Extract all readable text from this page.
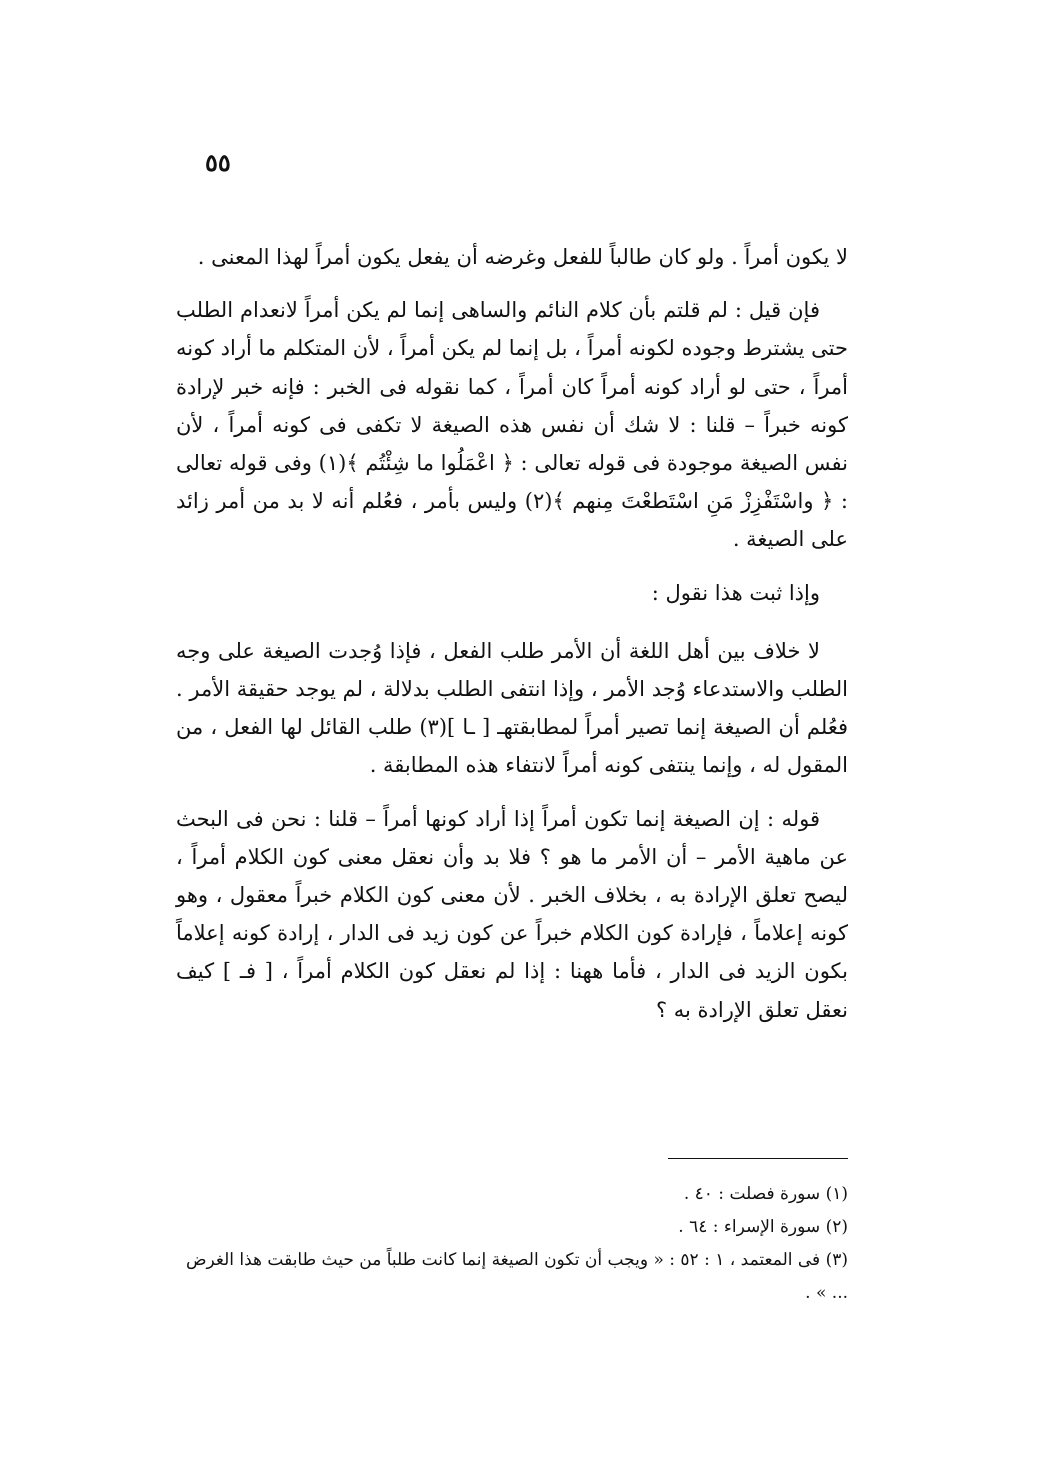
٥٥

لا يكون أمراً . ولو كان طالباً للفعل وغرضه أن يفعل يكون أمراً لهذا المعنى .

فإن قيل : لم قلتم بأن كلام النائم والساهى إنما لم يكن أمراً لانعدام الطلب حتى يشترط وجوده لكونه أمراً ، بل إنما لم يكن أمراً ، لأن المتكلم ما أراد كونه أمراً ، حتى لو أراد كونه أمراً كان أمراً ، كما نقوله فى الخبر : فإنه خبر لإرادة كونه خبراً – قلنا : لا شك أن نفس هذه الصيغة لا تكفى فى كونه أمراً ، لأن نفس الصيغة موجودة فى قوله تعالى : ﴿ اعْمَلُوا ما شِئْتُم ﴾(١) وفى قوله تعالى : ﴿ واسْتَفْزِزْ مَنِ اسْتَطعْتَ مِنهم ﴾(٢) وليس بأمر ، فعُلم أنه لا بد من أمر زائد على الصيغة .

وإذا ثبت هذا نقول :

لا خلاف بين أهل اللغة أن الأمر طلب الفعل ، فإذا وُجدت الصيغة على وجه الطلب والاستدعاء وُجد الأمر ، وإذا انتفى الطلب بدلالة ، لم يوجد حقيقة الأمر . فعُلم أن الصيغة إنما تصير أمراً لمطابقتهـ [ ـا ](٣) طلب القائل لها الفعل ، من المقول له ، وإنما ينتفى كونه أمراً لانتفاء هذه المطابقة .

قوله : إن الصيغة إنما تكون أمراً إذا أراد كونها أمراً – قلنا : نحن فى البحث عن ماهية الأمر – أن الأمر ما هو ؟ فلا بد وأن نعقل معنى كون الكلام أمراً ، ليصح تعلق الإرادة به ، بخلاف الخبر . لأن معنى كون الكلام خبراً معقول ، وهو كونه إعلاماً ، فإرادة كون الكلام خبراً عن كون زيد فى الدار ، إرادة كونه إعلاماً بكون الزيد فى الدار ، فأما ههنا : إذا لم نعقل كون الكلام أمراً ، [ فـ ] كيف نعقل تعلق الإرادة به ؟

(١) سورة فصلت : ٤٠ .

(٢) سورة الإسراء : ٦٤ .

(٣) فى المعتمد ، ١ : ٥٢ : « ويجب أن تكون الصيغة إنما كانت طلباً من حيث طابقت هذا الغرض ... » .
